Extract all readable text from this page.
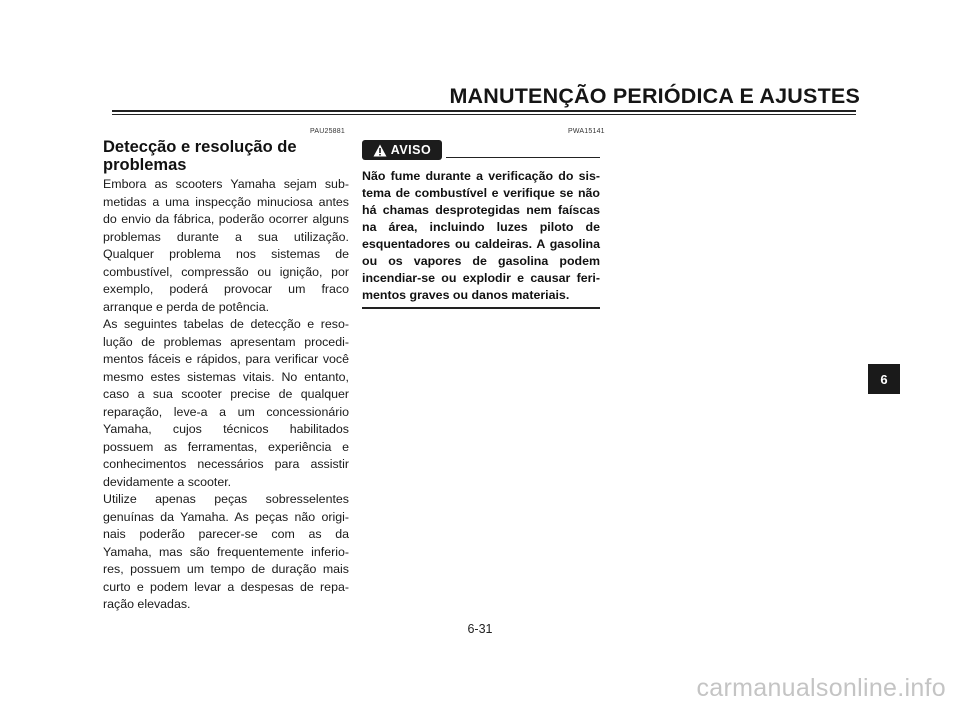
MANUTENÇÃO PERIÓDICA E AJUSTES
PAU25881	PWA15141
Detecção e resolução de problemas

Embora as scooters Yamaha sejam submetidas a uma inspecção minuciosa antes do envio da fábrica, poderão ocorrer alguns problemas durante a sua utilização. Qualquer problema nos sistemas de combustível, compressão ou ignição, por exemplo, poderá provocar um fraco arranque e perda de potência.

As seguintes tabelas de detecção e resolução de problemas apresentam procedimentos fáceis e rápidos, para verificar você mesmo estes sistemas vitais. No entanto, caso a sua scooter precise de qualquer reparação, leve-a a um concessionário Yamaha, cujos técnicos habilitados possuem as ferramentas, experiência e conhecimentos necessários para assistir devidamente a scooter.

Utilize apenas peças sobresselentes genuínas da Yamaha. As peças não originais poderão parecer-se com as da Yamaha, mas são frequentemente inferiores, possuem um tempo de duração mais curto e podem levar a despesas de reparação elevadas.

AVISO

Não fume durante a verificação do sistema de combustível e verifique se não há chamas desprotegidas nem faíscas na área, incluindo luzes piloto de esquentadores ou caldeiras. A gasolina ou os vapores de gasolina podem incendiar-se ou explodir e causar ferimentos graves ou danos materiais.

6
6-31
carmanualsonline.info
